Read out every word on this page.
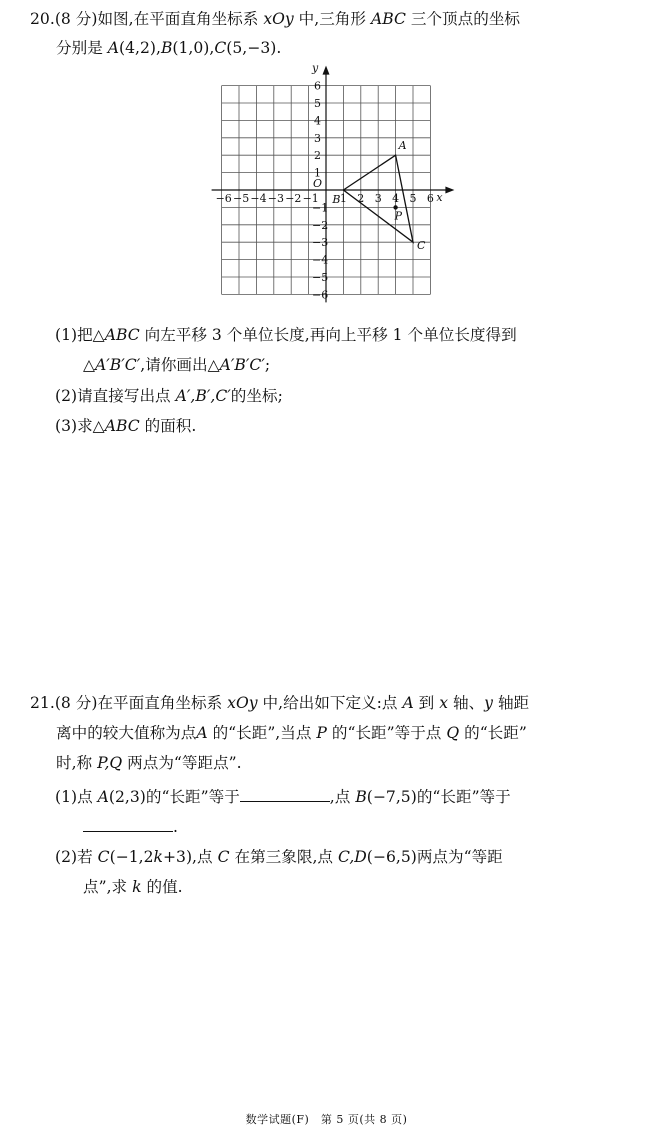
20.(8 分)如图,在平面直角坐标系 xOy 中,三角形 ABC 三个顶点的坐标
分别是 A(4,2),B(1,0),C(5,−3).
x
y
O
−6 −5 −4 −3 −2 −1 1 2 3 4 5 6
6
5
4
3
2
1
−1
−2
−3
−4
−5
−6
A
B
C
P
(1)把△ABC 向左平移 3 个单位长度,再向上平移 1 个单位长度得到
△A′B′C′,请你画出△A′B′C′;
(2)请直接写出点 A′,B′,C′的坐标;
(3)求△ABC 的面积.
21.(8 分)在平面直角坐标系 xOy 中,给出如下定义:点 A 到 x 轴、y 轴距
离中的较大值称为点A 的“长距”,当点 P 的“长距”等于点 Q 的“长距”
时,称 P,Q 两点为“等距点”.
(1)点 A(2,3)的“长距”等于	,点 B(−7,5)的“长距”等于
.
(2)若 C(−1,2k+3),点 C 在第三象限,点 C,D(−6,5)两点为“等距
点”,求 k 的值.
数学试题(F)　第 5 页(共 8 页)
